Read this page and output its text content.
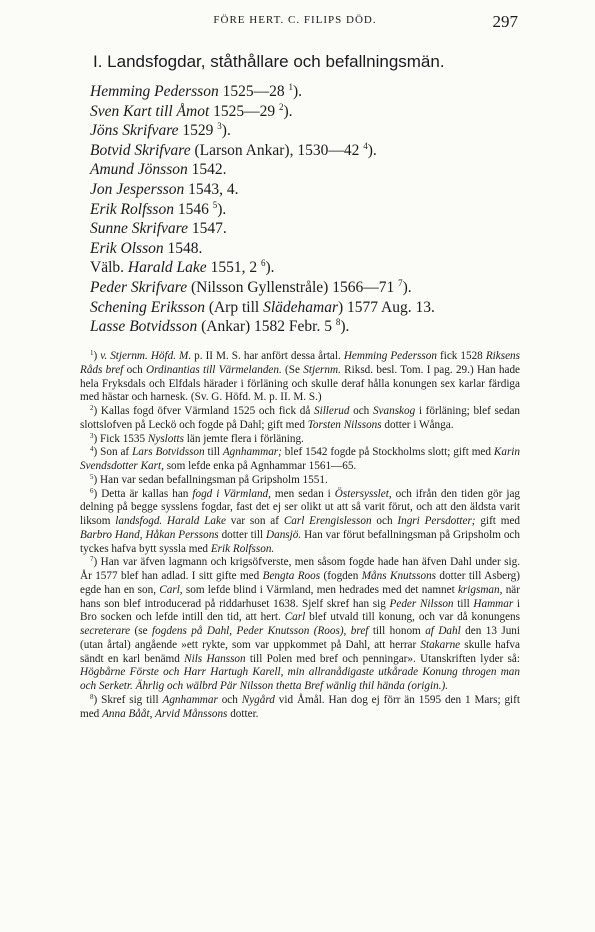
FÖRE HERT. C. FILIPS DÖD.	297
I. Landsfogdar, ståthållare och befallningsmän.
Hemming Pedersson 1525—28 $^1$).
Sven Kart till Åmot 1525—29 $^2$).
Jöns Skrifvare 1529 $^3$).
Botvid Skrifvare (Larson Ankar), 1530—42 $^4$).
Amund Jönsson 1542.
Jon Jespersson 1543, 4.
Erik Rolfsson 1546 $^5$).
Sunne Skrifvare 1547.
Erik Olsson 1548.
Välb. Harald Lake 1551, 2 $^6$).
Peder Skrifvare (Nilsson Gyllenstråle) 1566—71 $^7$).
Schening Eriksson (Arp till Slädehamar) 1577 Aug. 13.
Lasse Botvidsson (Ankar) 1582 Febr. 5 $^8$).

$^1$) v. Stjernm. Höfd. M. p. II M. S. har anfört dessa årtal. Hemming Pedersson fick 1528 Riksens Råds bref och Ordinantias till Värmelanden. (Se Stjernm. Riksd. besl. Tom. I pag. 29.) Han hade hela Fryksdals och Elfdals härader i förläning och skulle deraf hålla konungen sex karlar färdiga med hästar och harnesk. (Sv. G. Höfd. M. p. II. M. S.)

$^2$) Kallas fogd öfver Värmland 1525 och fick då Sillerud och Svanskog i förläning; blef sedan slottslofven på Leckö och fogde på Dahl; gift med Torsten Nilssons dotter i Wånga.

$^3$) Fick 1535 Nyslotts län jemte flera i förläning.

$^4$) Son af Lars Botvidsson till Agnhammar; blef 1542 fogde på Stockholms slott; gift med Karin Svendsdotter Kart, som lefde enka på Agnhammar 1561—65.

$^5$) Han var sedan befallningsman på Gripsholm 1551.

$^6$) Detta är kallas han fogd i Värmland, men sedan i Östersysslet, och ifrån den tiden gör jag delning på begge sysslens fogdar, fast det ej ser olikt ut att så varit förut, och att den äldsta varit liksom landsfogd. Harald Lake var son af Carl Erengislesson och Ingri Persdotter; gift med Barbro Hand, Håkan Perssons dotter till Dansjö. Han var förut befallningsman på Gripsholm och tyckes hafva bytt syssla med Erik Rolfsson.

$^7$) Han var äfven lagmann och krigsöfverste, men såsom fogde hade han äfven Dahl under sig. År 1577 blef han adlad. I sitt gifte med Bengta Roos (fogden Måns Knutssons dotter till Asberg) egde han en son, Carl, som lefde blind i Värmland, men hedrades med det namnet krigsman, när hans son blef introducerad på riddarhuset 1638. Sjelf skref han sig Peder Nilsson till Hammar i Bro socken och lefde intill den tid, att hert. Carl blef utvald till konung, och var då konungens secreterare (se fogdens på Dahl, Peder Knutsson (Roos), bref till honom af Dahl den 13 Juni (utan årtal) angående »ett rykte, som var uppkommet på Dahl, att herrar Stakarne skulle hafva sändt en karl benämd Nils Hansson till Polen med bref och penningar». Utanskriften lyder så: Högbårne Förste och Harr Hartugh Karell, min allranådigaste utkårade Konung throgen man och Serketr. Ährlig och wälbrd Pär Nilsson thetta Bref wänlig thil hända (origin.).

$^8$) Skref sig till Agnhammar och Nygård vid Åmål. Han dog ej förr än 1595 den 1 Mars; gift med Anna Bååt, Arvid Månssons dotter.
